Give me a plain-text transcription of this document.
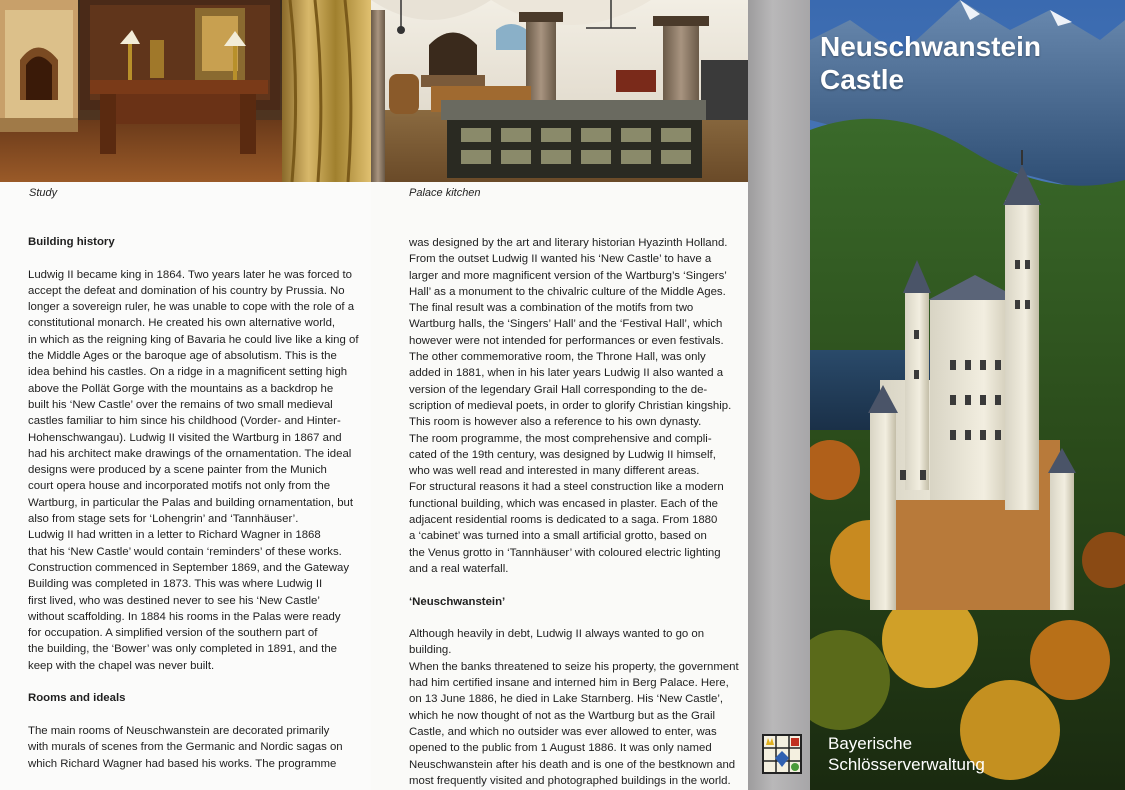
Study

Building history

Ludwig II became king in 1864. Two years later he was forced to

accept the defeat and domination of his country by Prussia. No

longer a sovereign ruler, he was unable to cope with the role of a

constitutional monarch. He created his own alternative world,

in which as the reigning king of Bavaria he could live like a king of

the Middle Ages or the baroque age of absolutism. This is the

idea behind his castles. On a ridge in a magnificent setting high

above the Pollät Gorge with the mountains as a backdrop he

built his ‘New Castle’ over the remains of two small medieval

castles familiar to him since his childhood (Vorder- and Hinter-

Hohenschwangau). Ludwig II visited the Wartburg in 1867 and

had his architect make drawings of the ornamentation. The ideal

designs were produced by a scene painter from the Munich

court opera house and incorporated motifs not only from the

Wartburg, in particular the Palas and building ornamentation, but

also from stage sets for ‘Lohengrin’ and ‘Tannhäuser’.

Ludwig II had written in a letter to Richard Wagner in 1868

that his ‘New Castle’ would contain ‘reminders’ of these works.

Construction commenced in September 1869, and the Gateway

Building was completed in 1873. This was where Ludwig II

first lived, who was destined never to see his ‘New Castle’

without scaffolding. In 1884 his rooms in the Palas were ready

for occupation. A simplified version of the southern part of

the building, the ‘Bower’ was only completed in 1891, and the

keep with the chapel was never built.

Rooms and ideals

The main rooms of Neuschwanstein are decorated primarily

with murals of scenes from the Germanic and Nordic sagas on

which Richard Wagner had based his works. The programme

Palace kitchen

was designed by the art and literary historian Hyazinth Holland.

From the outset Ludwig II wanted his ‘New Castle’ to have a

larger and more magnificent version of the Wartburg’s ‘Singers’

Hall’ as a monument to the chivalric culture of the Middle Ages.

The final result was a combination of the motifs from two

Wartburg halls, the ‘Singers’ Hall’ and the ‘Festival Hall’, which

however were not intended for performances or even festivals.

The other commemorative room, the Throne Hall, was only

added in 1881, when in his later years Ludwig II also wanted a

version of the legendary Grail Hall corresponding to the de-

scription of medieval poets, in order to glorify Christian kingship.

This room is however also a reference to his own dynasty.

The room programme, the most comprehensive and compli-

cated of the 19th century, was designed by Ludwig II himself,

who was well read and interested in many different areas.

For structural reasons it had a steel construction like a modern

functional building, which was encased in plaster. Each of the

adjacent residential rooms is dedicated to a saga. From 1880

a ‘cabinet’ was turned into a small artificial grotto, based on

the Venus grotto in ‘Tannhäuser’ with coloured electric lighting

and a real waterfall.

‘Neuschwanstein’

Although heavily in debt, Ludwig II always wanted to go on building.

When the banks threatened to seize his property, the government

had him certified insane and interned him in Berg Palace. Here,

on 13 June 1886, he died in Lake Starnberg. His ‘New Castle’,

which he now thought of not as the Wartburg but as the Grail

Castle, and which no outsider was ever allowed to enter, was

opened to the public from 1 August 1886. It was only named

Neuschwanstein after his death and is one of the bestknown and

most frequently visited and photographed buildings in the world.

Neuschwanstein
Castle
Bayerische
Schlösserverwaltung
